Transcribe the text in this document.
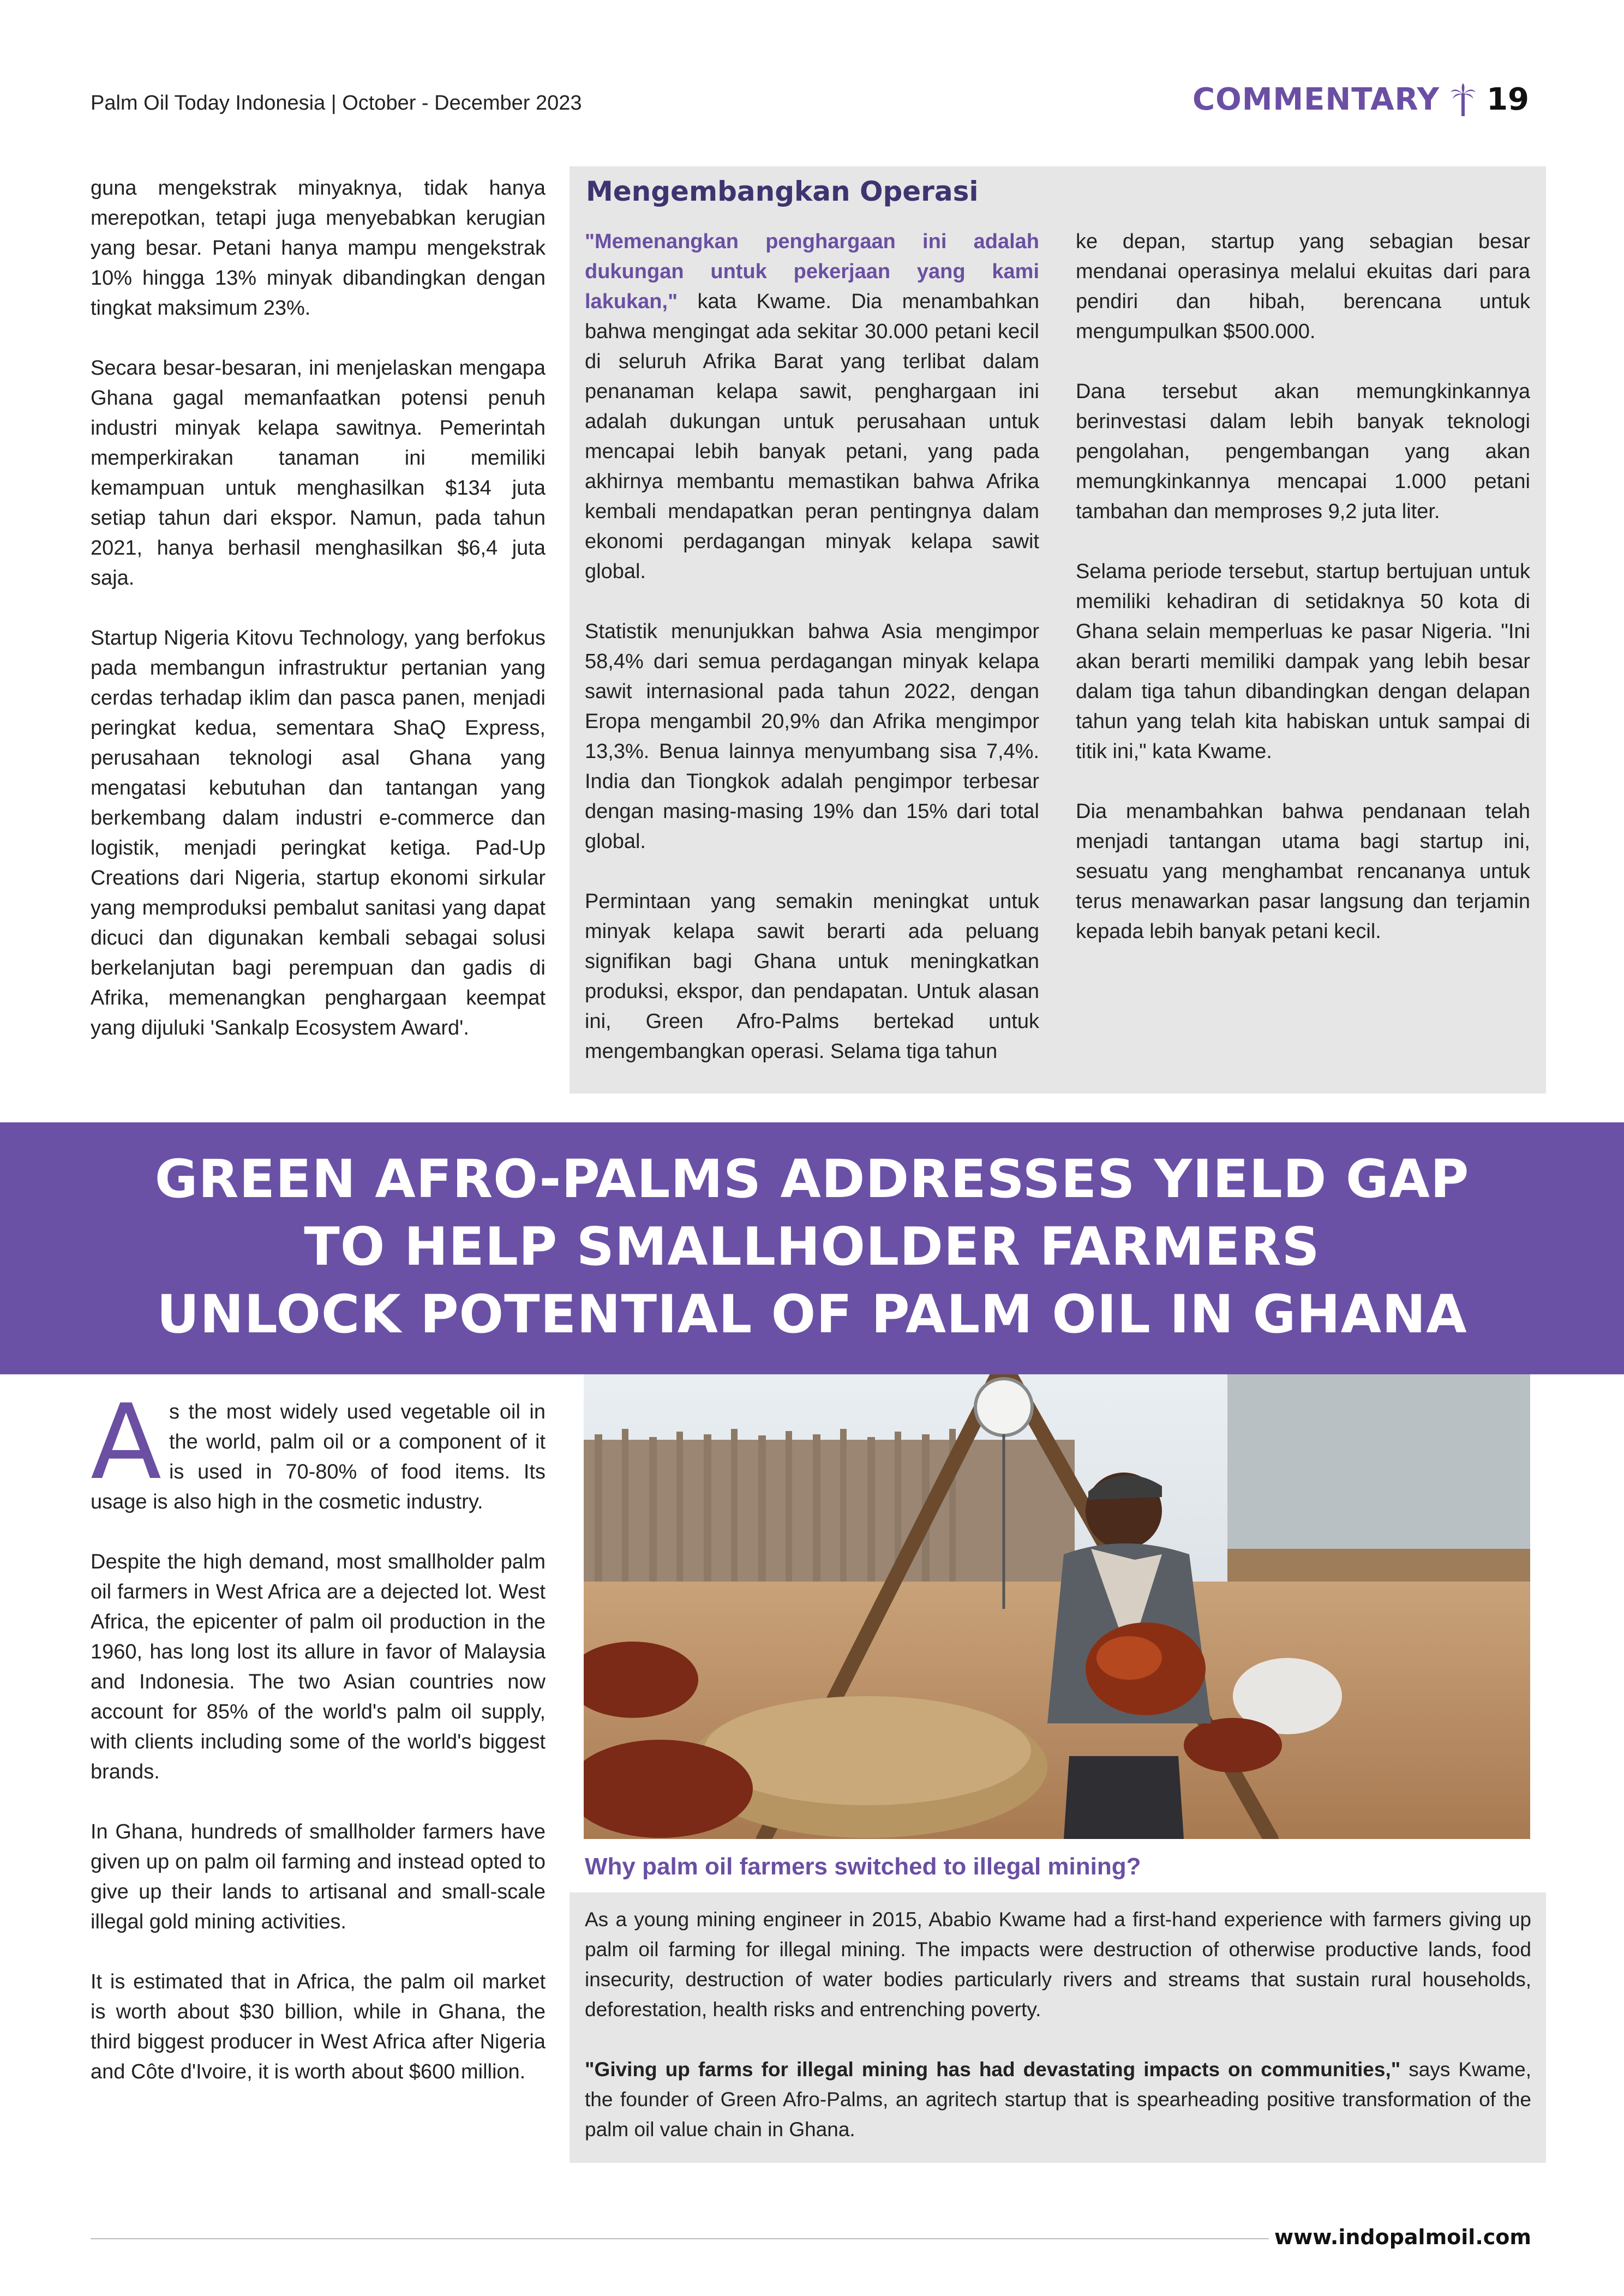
Palm Oil Today Indonesia | October - December 2023	COMMENTARY 19

guna mengekstrak minyaknya, tidak hanya merepotkan, tetapi juga menyebabkan kerugian yang besar. Petani hanya mampu mengekstrak 10% hingga 13% minyak dibandingkan dengan tingkat maksimum 23%.

Secara besar-besaran, ini menjelaskan mengapa Ghana gagal memanfaatkan potensi penuh industri minyak kelapa sawitnya. Pemerintah memperkirakan tanaman ini memiliki kemampuan untuk menghasilkan $134 juta setiap tahun dari ekspor. Namun, pada tahun 2021, hanya berhasil menghasilkan $6,4 juta saja.

Startup Nigeria Kitovu Technology, yang berfokus pada membangun infrastruktur pertanian yang cerdas terhadap iklim dan pasca panen, menjadi peringkat kedua, sementara ShaQ Express, perusahaan teknologi asal Ghana yang mengatasi kebutuhan dan tantangan yang berkembang dalam industri e-commerce dan logistik, menjadi peringkat ketiga. Pad-Up Creations dari Nigeria, startup ekonomi sirkular yang memproduksi pembalut sanitasi yang dapat dicuci dan digunakan kembali sebagai solusi berkelanjutan bagi perempuan dan gadis di Afrika, memenangkan penghargaan keempat yang dijuluki 'Sankalp Ecosystem Award'.

Mengembangkan Operasi

"Memenangkan penghargaan ini adalah dukungan untuk pekerjaan yang kami lakukan," kata Kwame. Dia menambahkan bahwa mengingat ada sekitar 30.000 petani kecil di seluruh Afrika Barat yang terlibat dalam penanaman kelapa sawit, penghargaan ini adalah dukungan untuk perusahaan untuk mencapai lebih banyak petani, yang pada akhirnya membantu memastikan bahwa Afrika kembali mendapatkan peran pentingnya dalam ekonomi perdagangan minyak kelapa sawit global.

Statistik menunjukkan bahwa Asia mengimpor 58,4% dari semua perdagangan minyak kelapa sawit internasional pada tahun 2022, dengan Eropa mengambil 20,9% dan Afrika mengimpor 13,3%. Benua lainnya menyumbang sisa 7,4%. India dan Tiongkok adalah pengimpor terbesar dengan masing-masing 19% dan 15% dari total global.

Permintaan yang semakin meningkat untuk minyak kelapa sawit berarti ada peluang signifikan bagi Ghana untuk meningkatkan produksi, ekspor, dan pendapatan. Untuk alasan ini, Green Afro-Palms bertekad untuk mengembangkan operasi. Selama tiga tahun

ke depan, startup yang sebagian besar mendanai operasinya melalui ekuitas dari para pendiri dan hibah, berencana untuk mengumpulkan $500.000.

Dana tersebut akan memungkinkannya berinvestasi dalam lebih banyak teknologi pengolahan, pengembangan yang akan memungkinkannya mencapai 1.000 petani tambahan dan memproses 9,2 juta liter.

Selama periode tersebut, startup bertujuan untuk memiliki kehadiran di setidaknya 50 kota di Ghana selain memperluas ke pasar Nigeria. "Ini akan berarti memiliki dampak yang lebih besar dalam tiga tahun dibandingkan dengan delapan tahun yang telah kita habiskan untuk sampai di titik ini," kata Kwame.

Dia menambahkan bahwa pendanaan telah menjadi tantangan utama bagi startup ini, sesuatu yang menghambat rencananya untuk terus menawarkan pasar langsung dan terjamin kepada lebih banyak petani kecil.

GREEN AFRO-PALMS ADDRESSES YIELD GAP
TO HELP SMALLHOLDER FARMERS
UNLOCK POTENTIAL OF PALM OIL IN GHANA

As the most widely used vegetable oil in the world, palm oil or a component of it is used in 70-80% of food items. Its usage is also high in the cosmetic industry.

Despite the high demand, most smallholder palm oil farmers in West Africa are a dejected lot. West Africa, the epicenter of palm oil production in the 1960, has long lost its allure in favor of Malaysia and Indonesia. The two Asian countries now account for 85% of the world's palm oil supply, with clients including some of the world's biggest brands.

In Ghana, hundreds of smallholder farmers have given up on palm oil farming and instead opted to give up their lands to artisanal and small-scale illegal gold mining activities.

It is estimated that in Africa, the palm oil market is worth about $30 billion, while in Ghana, the third biggest producer in West Africa after Nigeria and Côte d'Ivoire, it is worth about $600 million.

Why palm oil farmers switched to illegal mining?

As a young mining engineer in 2015, Ababio Kwame had a first-hand experience with farmers giving up palm oil farming for illegal mining. The impacts were destruction of otherwise productive lands, food insecurity, destruction of water bodies particularly rivers and streams that sustain rural households, deforestation, health risks and entrenching poverty.

"Giving up farms for illegal mining has had devastating impacts on communities," says Kwame, the founder of Green Afro-Palms, an agritech startup that is spearheading positive transformation of the palm oil value chain in Ghana.

www.indopalmoil.com
